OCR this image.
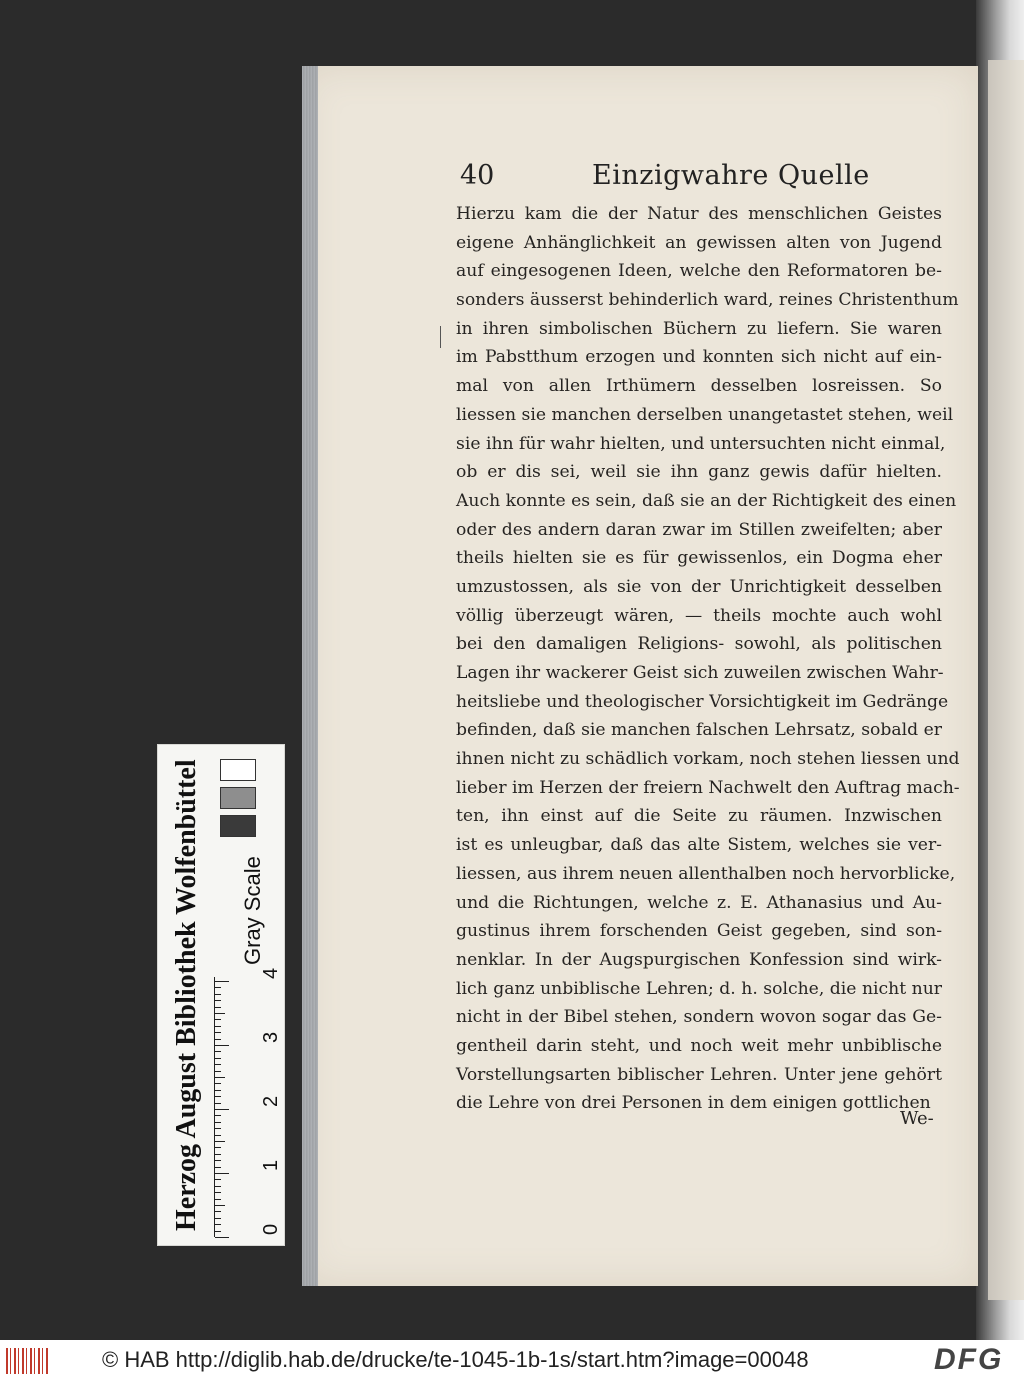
40	Einzigwahre Quelle
Hierzu kam die der Natur des menschlichen Geistes
eigene Anhänglichkeit an gewissen alten von Jugend
auf eingesogenen Ideen, welche den Reformatoren be-
sonders äusserst behinderlich ward, reines Christenthum
in ihren simbolischen Büchern zu liefern. Sie waren
im Pabstthum erzogen und konnten sich nicht auf ein-
mal von allen Irthümern desselben losreissen. So
liessen sie manchen derselben unangetastet stehen, weil
sie ihn für wahr hielten, und untersuchten nicht einmal,
ob er dis sei, weil sie ihn ganz gewis dafür hielten.
Auch konnte es sein, daß sie an der Richtigkeit des einen
oder des andern daran zwar im Stillen zweifelten; aber
theils hielten sie es für gewissenlos, ein Dogma eher
umzustossen, als sie von der Unrichtigkeit desselben
völlig überzeugt wären, — theils mochte auch wohl
bei den damaligen Religions- sowohl, als politischen
Lagen ihr wackerer Geist sich zuweilen zwischen Wahr-
heitsliebe und theologischer Vorsichtigkeit im Gedränge
befinden, daß sie manchen falschen Lehrsatz, sobald er
ihnen nicht zu schädlich vorkam, noch stehen liessen und
lieber im Herzen der freiern Nachwelt den Auftrag mach-
ten, ihn einst auf die Seite zu räumen. Inzwischen
ist es unleugbar, daß das alte Sistem, welches sie ver-
liessen, aus ihrem neuen allenthalben noch hervorblicke,
und die Richtungen, welche z. E. Athanasius und Au-
gustinus ihrem forschenden Geist gegeben, sind son-
nenklar. In der Augspurgischen Konfession sind wirk-
lich ganz unbiblische Lehren; d. h. solche, die nicht nur
nicht in der Bibel stehen, sondern wovon sogar das Ge-
gentheil darin steht, und noch weit mehr unbiblische
Vorstellungsarten biblischer Lehren. Unter jene gehört
die Lehre von drei Personen in dem einigen gottlichen
We-
Herzog August Bibliothek Wolfenbüttel Gray Scale
0
1
2
3
4
© HAB http://diglib.hab.de/drucke/te-1045-1b-1s/start.htm?image=00048	DFG
